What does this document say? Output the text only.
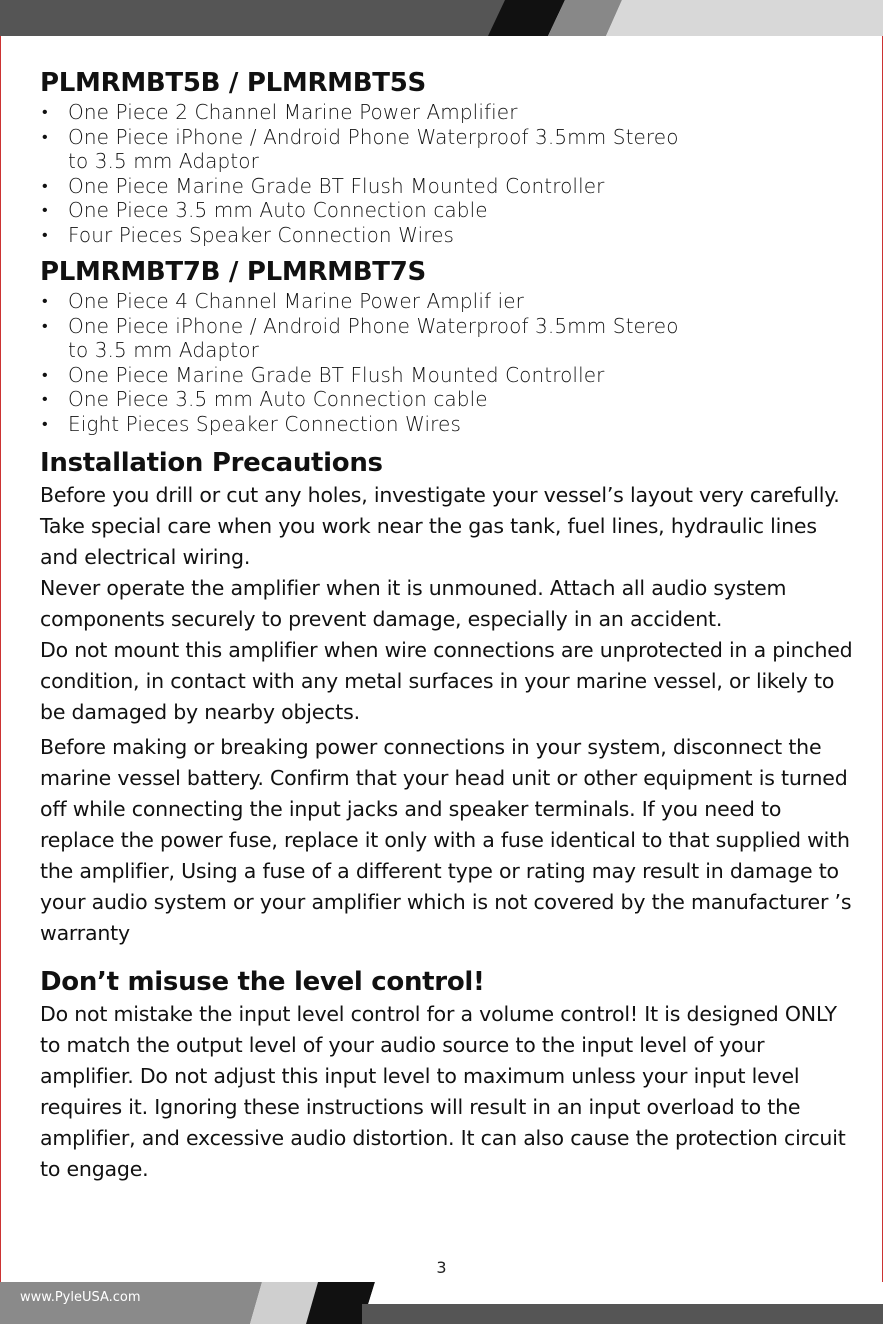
PLMRMBT5B / PLMRMBT5S
• One Piece 2 Channel Marine Power Amplifier
• One Piece iPhone / Android Phone Waterproof 3.5mm Stereo
to 3.5 mm Adaptor
• One Piece Marine Grade BT Flush Mounted Controller
• One Piece 3.5 mm Auto Connection cable
• Four Pieces Speaker Connection Wires
PLMRMBT7B / PLMRMBT7S
• One Piece 4 Channel Marine Power Amplif ier
• One Piece iPhone / Android Phone Waterproof 3.5mm Stereo
to 3.5 mm Adaptor
• One Piece Marine Grade BT Flush Mounted Controller
• One Piece 3.5 mm Auto Connection cable
• Eight Pieces Speaker Connection Wires
Installation Precautions

Before you drill or cut any holes, investigate your vessel’s layout very carefully. Take special care when you work near the gas tank, fuel lines, hydraulic lines and electrical wiring.

Never operate the amplifier when it is unmouned. Attach all audio system components securely to prevent damage, especially in an accident.

Do not mount this amplifier when wire connections are unprotected in a pinched condition, in contact with any metal surfaces in your marine vessel, or likely to be damaged by nearby objects.

Before making or breaking power connections in your system, disconnect the marine vessel battery. Confirm that your head unit or other equipment is turned off while connecting the input jacks and speaker terminals. If you need to replace the power fuse, replace it only with a fuse identical to that supplied with the amplifier, Using a fuse of a different type or rating may result in damage to your audio system or your amplifier which is not covered by the manufacturer ’s warranty

Don’t misuse the level control!

Do not mistake the input level control for a volume control! It is designed ONLY to match the output level of your audio source to the input level of your amplifier. Do not adjust this input level to maximum unless your input level requires it. Ignoring these instructions will result in an input overload to the amplifier, and excessive audio distortion. It can also cause the protection circuit to engage.

3
www.PyleUSA.com
